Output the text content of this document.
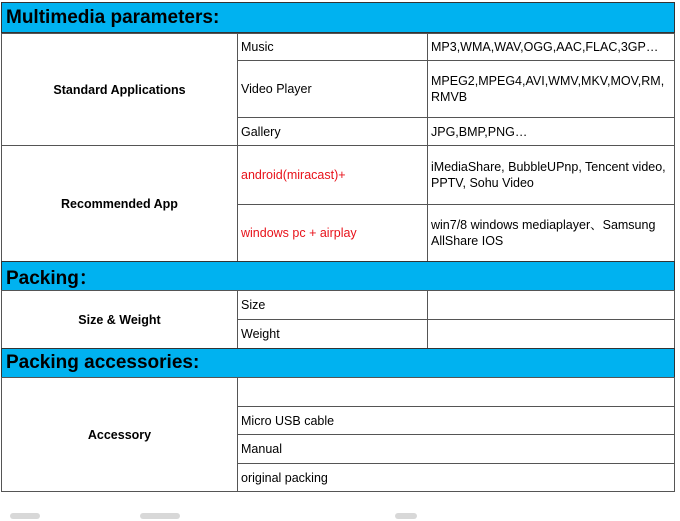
Multimedia parameters:
Standard Applications
Music	MP3,WMA,WAV,OGG,AAC,FLAC,3GP…
Video Player
MPEG2,MPEG4,AVI,WMV,MKV,MOV,RM,
RMVB
Gallery	JPG,BMP,PNG…
Recommended App
android(miracast)+
iMediaShare, BubbleUPnp, Tencent video,
PPTV, Sohu Video
windows pc + airplay
win7/8 windows mediaplayer、Samsung
AllShare IOS
Packing：
Size & Weight
Size
Weight
Packing accessories:
Accessory
Micro USB cable
Manual
original packing
